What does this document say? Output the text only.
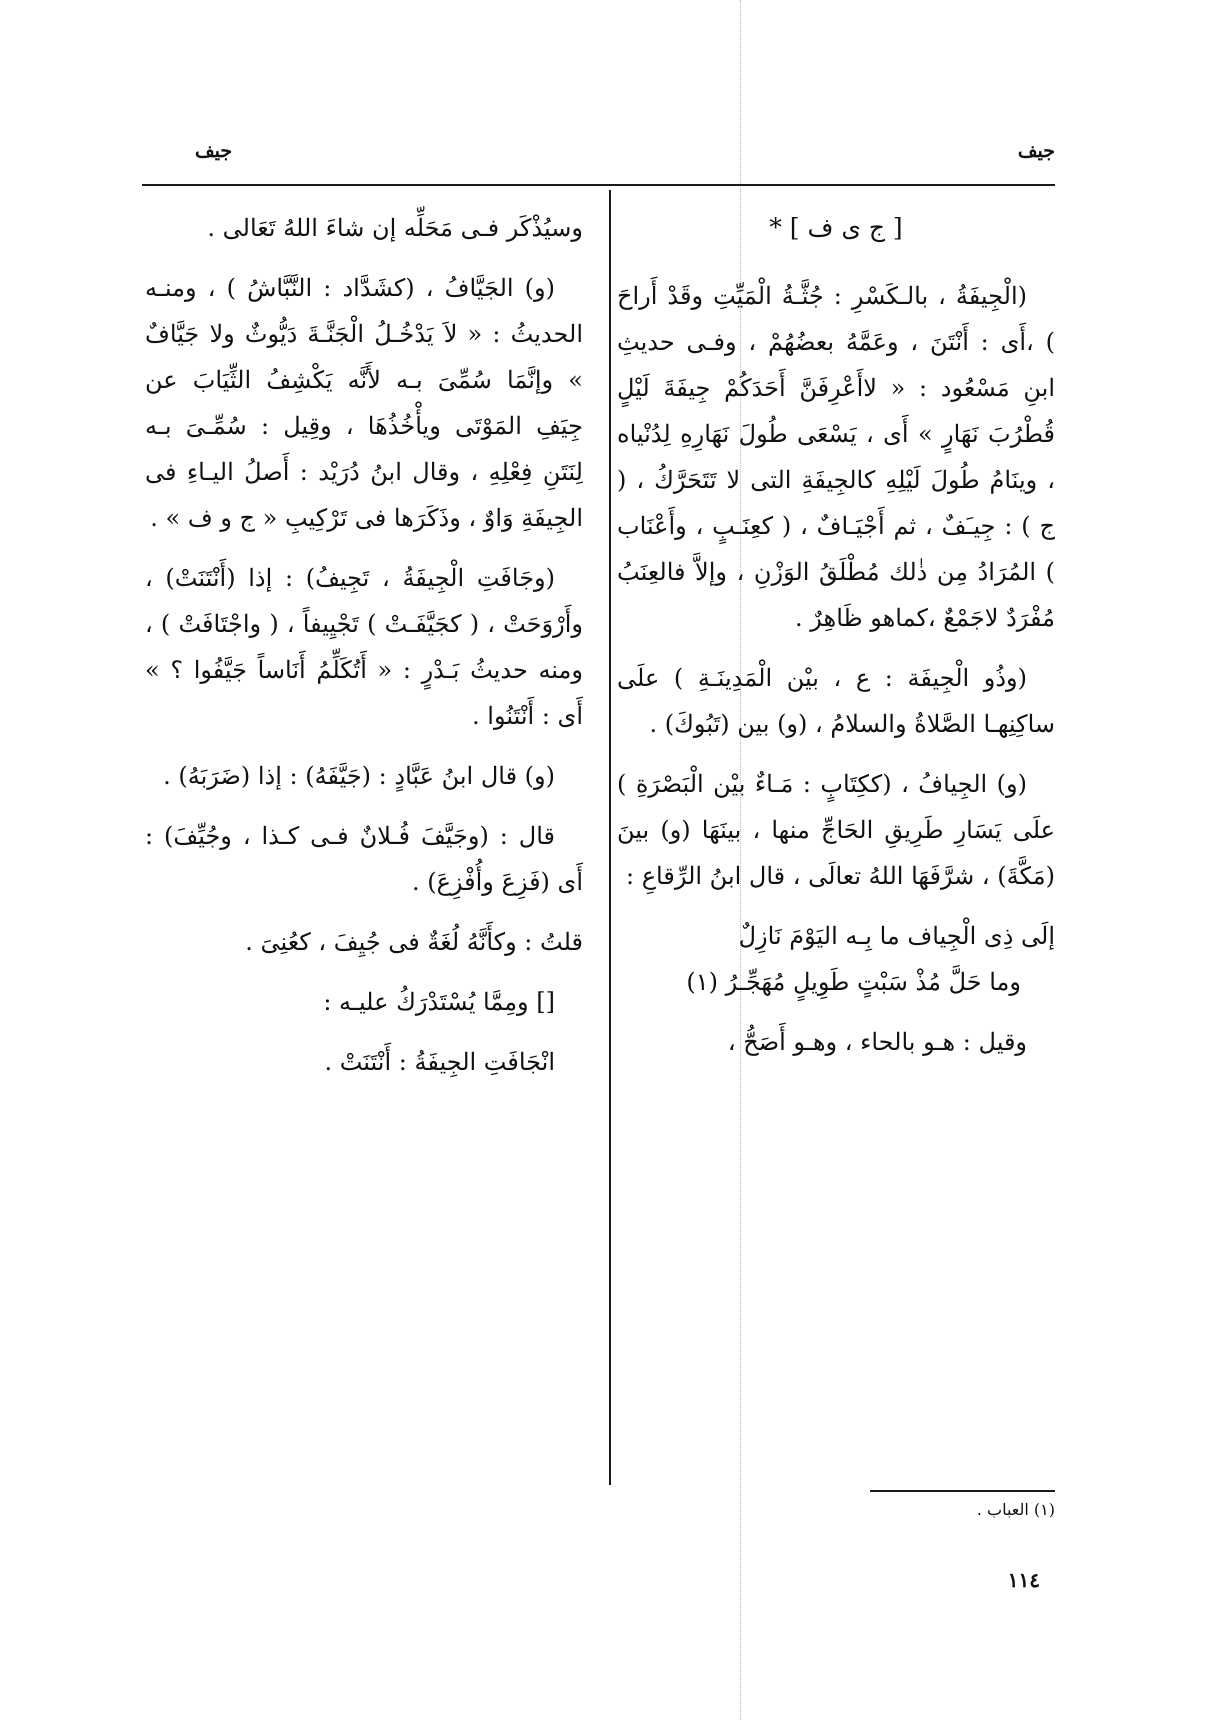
جيف
جيف
[ ج ى ف ] *

(الْجِيفَةُ ، بالـكَسْرِ : جُثَّـةُ الْمَيِّتِ وقَدْ أَراحَ ) ،أَى : أَنْتَنَ ، وعَمَّهُ بعضُهُمْ ، وفـى حديثِ ابنِ مَسْعُود : « لاأَعْرِفَنَّ أَحَدَكُمْ جِيفَةَ لَيْلٍ قُطْرُبَ نَهَارٍ » أَى ، يَسْعَى طُولَ نَهَارِهِ لِدُنْياه ، وينَامُ طُولَ لَيْلِهِ كالجِيفَةِ التى لا تَتَحَرَّكُ ، ( ج ) : جِيـَفٌ ، ثم أَجْيَـافٌ ، ( كعِنَـبٍ ، وأَعْنَاب ) المُرَادُ مِن ذٰلك مُطْلَقُ الوَزْنِ ، وإلاَّ فالعِنَبُ مُفْرَدٌ لاجَمْعٌ ،كماهو ظَاهِرٌ .

(وذُو الْجِيفَة : ع ، بيْن الْمَدِينَـةِ ) علَى ساكِنِهـا الصَّلاةُ والسلامُ ، (و) بين (تَبُوكَ) .

(و) الجِيافُ ، (ككِتَابٍ : مَـاءٌ بيْن الْبَصْرَةِ ) علَى يَسَارِ طَرِيقِ الحَاجِّ منها ، بينَهَا (و) بينَ (مَكَّةَ) ، شرَّفَهَا اللهُ تعالَى ، قال ابنُ الرِّقاعِ :

إلَى ذِى الْجِياف ما بِـه اليَوْمَ نَازِلٌ
وما حَلَّ مُذْ سَبْتٍ طَوِيلٍ مُهَجِّـرُ (١)

وقيل : هـو بالحاء ، وهـو أَصَحُّ ،

وسيُذْكَر فـى مَحَلِّه إن شاءَ اللهُ تَعَالى .

(و) الجَيَّافُ ، (كشَدَّاد : النَّبَّاشُ ) ، ومنـه الحديثُ : « لاَ يَدْخُـلُ الْجَنَّـةَ دَيُّوثٌ ولا جَيَّافٌ » وإنَّمَا سُمِّىَ بـه لأَنَّه يَكْشِفُ الثِّيَابَ عن جِيَفِ المَوْتَى ويأْخُذُهَا ، وقِيل : سُمِّـىَ بـه لِنَتَنِ فِعْلِهِ ، وقال ابنُ دُرَيْد : أَصلُ اليـاءِ فى الجِيفَةِ وَاوٌ ، وذَكَرَها فى تَرْكِيبِ « ج و ف » .

(وجَافَتِ الْجِيفَةُ ، تَجِيفُ) : إذا (أَنْتَنَتْ) ، وأَرْوَحَتْ ، ( كجَيَّفَـتْ ) تَجْيِيفاً ، ( واجْتَافَتْ ) ، ومنه حديثُ بَـدْرٍ : « أَتُكَلِّمُ أَنَاساً جَيَّفُوا ؟ » أَى : أَنْتَنُوا .

(و) قال ابنُ عَبَّادٍ : (جَيَّفَهُ) : إذا (ضَرَبَهُ) .

قال : (وجَيَّفَ فُـلانٌ فـى كـذا ، وجُيِّفَ) : أَى (فَزِعَ وأُفْزِعَ) .

قلتُ : وكأَنَّهُ لُغَةٌ فى جُيِفَ ، كعُنِىَ .

[] ومِمَّا يُسْتَدْرَكُ عليـه :

انْجَافَتِ الجِيفَةُ : أَنْتَنَتْ .

(١) العباب .
١١٤
